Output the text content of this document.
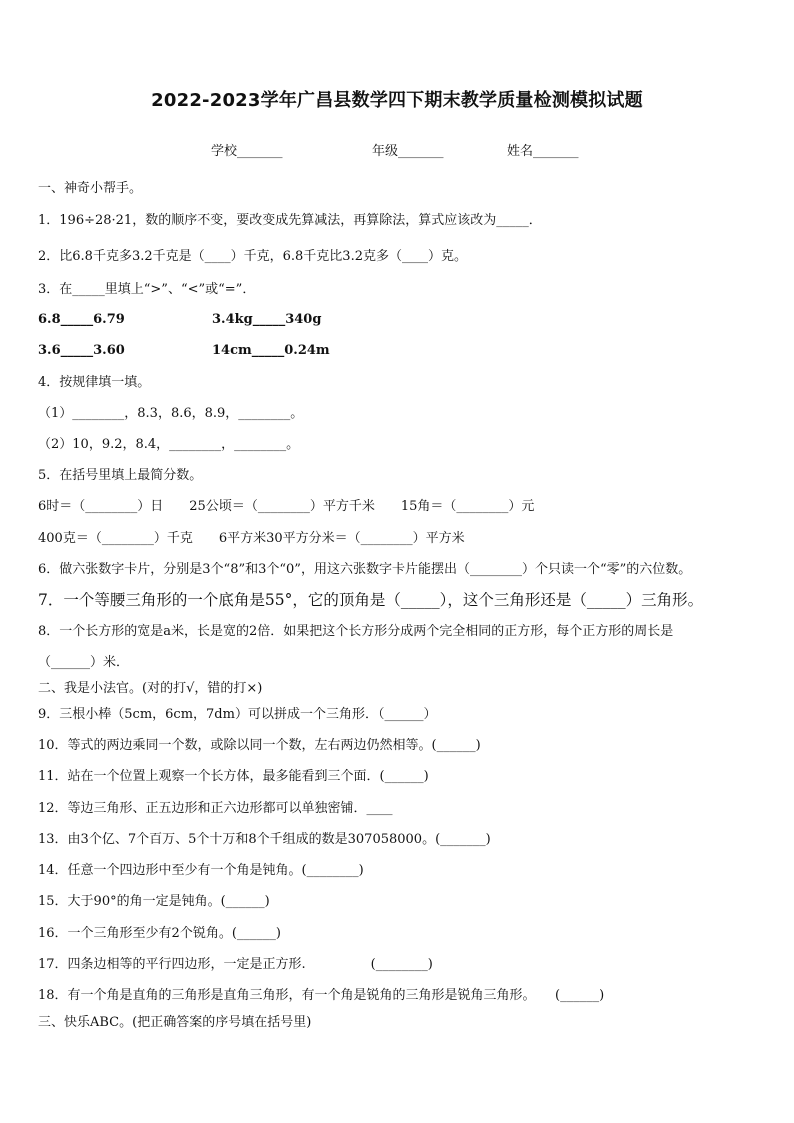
2022-2023学年广昌县数学四下期末教学质量检测模拟试题
学校_______	年级_______	姓名_______
一、神奇小帮手。
1．196÷28·21，数的顺序不变，要改变成先算减法，再算除法，算式应该改为_____．
2．比6.8千克多3.2千克是（____）千克，6.8千克比3.2克多（____）克。
3．在_____里填上“>”、“<”或“=”．
6.8_____6.79	3.4kg_____340g
3.6_____3.60	14cm_____0.24m
4．按规律填一填。
（1）________，8.3，8.6，8.9，________。
（2）10，9.2，8.4，________，________。
5．在括号里填上最简分数。
6时＝（________）日　　25公顷＝（________）平方千米　　15角＝（________）元
400克＝（________）千克　　6平方米30平方分米＝（________）平方米
6．做六张数字卡片，分别是3个“8”和3个“0”，用这六张数字卡片能摆出（________）个只读一个“零”的六位数。
7．一个等腰三角形的一个底角是55°，它的顶角是（_____），这个三角形还是（_____）三角形。
8．一个长方形的宽是a米，长是宽的2倍．如果把这个长方形分成两个完全相同的正方形，每个正方形的周长是
（______）米．
二、我是小法官。(对的打√，错的打×)
9．三根小棒（5cm，6cm，7dm）可以拼成一个三角形．（______）
10．等式的两边乘同一个数，或除以同一个数，左右两边仍然相等。(______)
11．站在一个位置上观察一个长方体，最多能看到三个面．(______)
12．等边三角形、正五边形和正六边形都可以单独密铺．____
13．由3个亿、7个百万、5个十万和8个千组成的数是307058000。(_______)
14．任意一个四边形中至少有一个角是钝角。(________)
15．大于90°的角一定是钝角。(______)
16．一个三角形至少有2个锐角。(______)
17．四条边相等的平行四边形，一定是正方形.　　　　　(________)
18．有一个角是直角的三角形是直角三角形，有一个角是锐角的三角形是锐角三角形。　　(______)
三、快乐ABC。(把正确答案的序号填在括号里)
